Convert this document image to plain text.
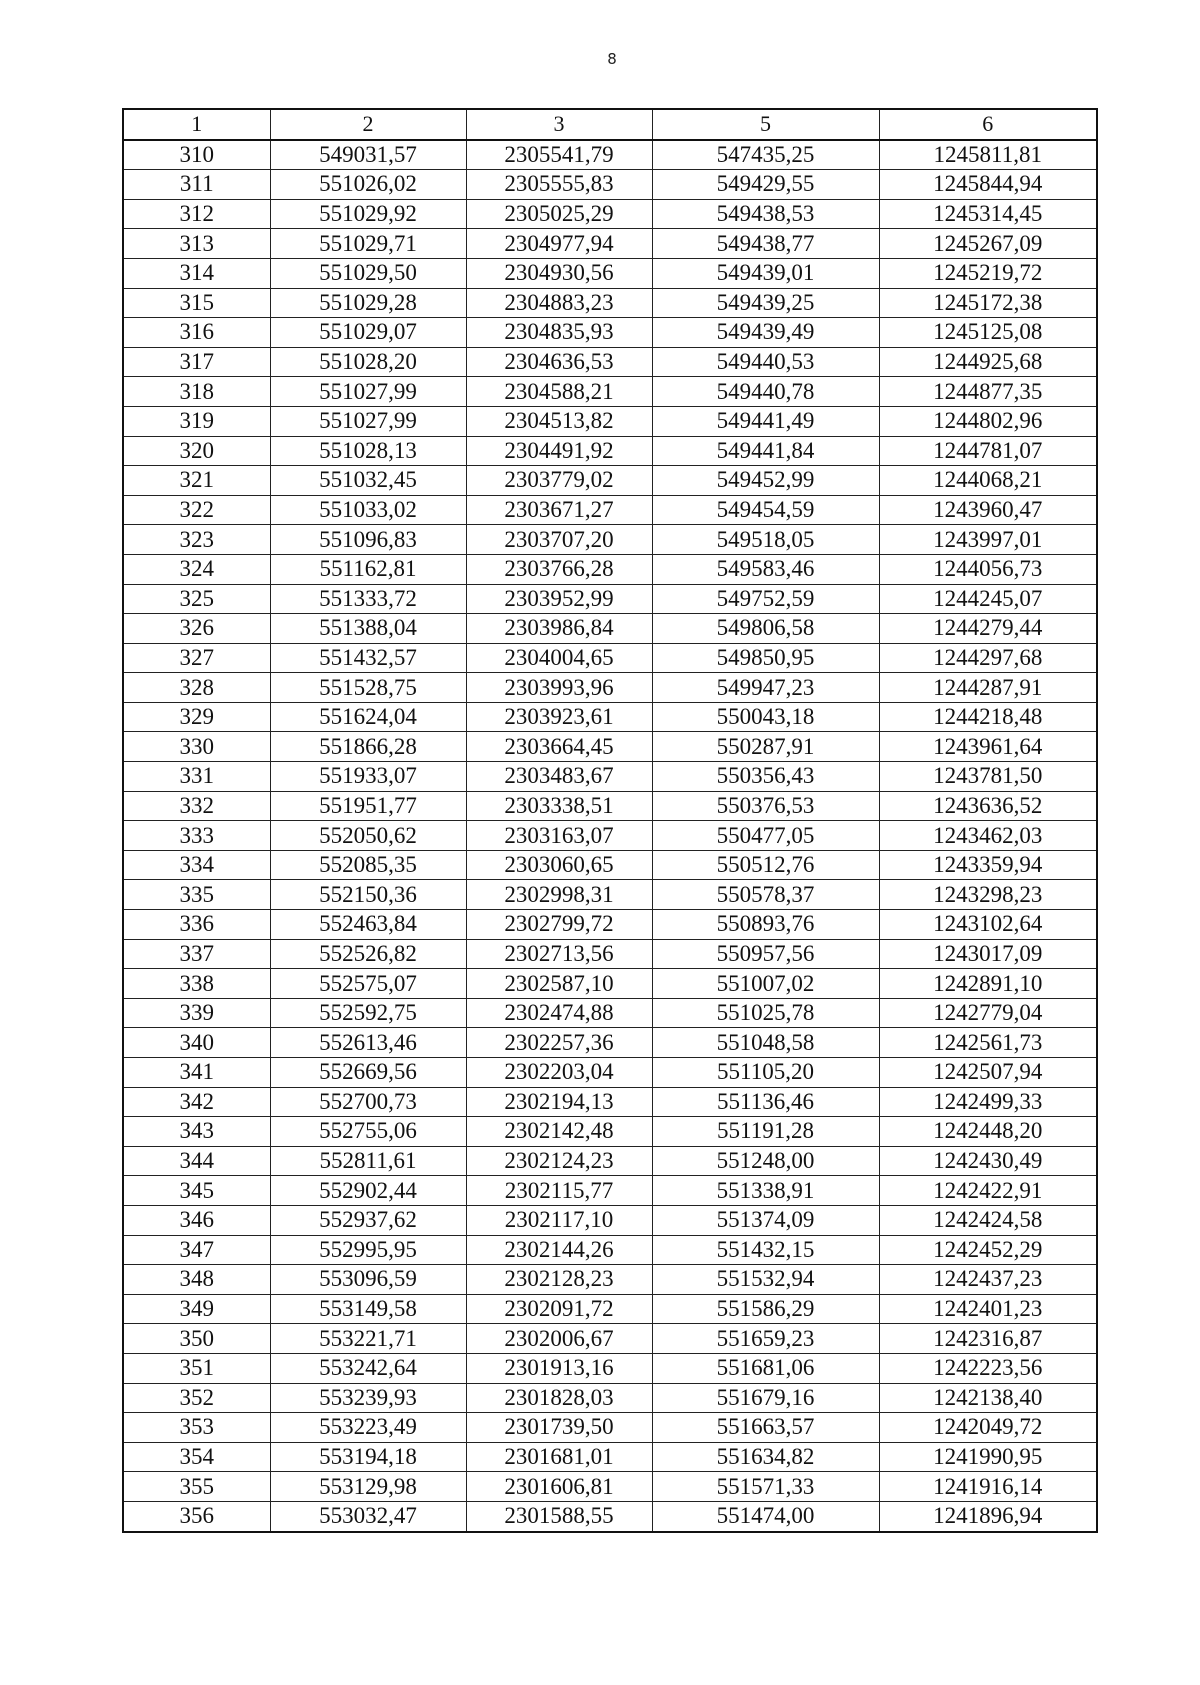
8
1	2	3	5	6
310	549031,57	2305541,79	547435,25	1245811,81
311	551026,02	2305555,83	549429,55	1245844,94
312	551029,92	2305025,29	549438,53	1245314,45
313	551029,71	2304977,94	549438,77	1245267,09
314	551029,50	2304930,56	549439,01	1245219,72
315	551029,28	2304883,23	549439,25	1245172,38
316	551029,07	2304835,93	549439,49	1245125,08
317	551028,20	2304636,53	549440,53	1244925,68
318	551027,99	2304588,21	549440,78	1244877,35
319	551027,99	2304513,82	549441,49	1244802,96
320	551028,13	2304491,92	549441,84	1244781,07
321	551032,45	2303779,02	549452,99	1244068,21
322	551033,02	2303671,27	549454,59	1243960,47
323	551096,83	2303707,20	549518,05	1243997,01
324	551162,81	2303766,28	549583,46	1244056,73
325	551333,72	2303952,99	549752,59	1244245,07
326	551388,04	2303986,84	549806,58	1244279,44
327	551432,57	2304004,65	549850,95	1244297,68
328	551528,75	2303993,96	549947,23	1244287,91
329	551624,04	2303923,61	550043,18	1244218,48
330	551866,28	2303664,45	550287,91	1243961,64
331	551933,07	2303483,67	550356,43	1243781,50
332	551951,77	2303338,51	550376,53	1243636,52
333	552050,62	2303163,07	550477,05	1243462,03
334	552085,35	2303060,65	550512,76	1243359,94
335	552150,36	2302998,31	550578,37	1243298,23
336	552463,84	2302799,72	550893,76	1243102,64
337	552526,82	2302713,56	550957,56	1243017,09
338	552575,07	2302587,10	551007,02	1242891,10
339	552592,75	2302474,88	551025,78	1242779,04
340	552613,46	2302257,36	551048,58	1242561,73
341	552669,56	2302203,04	551105,20	1242507,94
342	552700,73	2302194,13	551136,46	1242499,33
343	552755,06	2302142,48	551191,28	1242448,20
344	552811,61	2302124,23	551248,00	1242430,49
345	552902,44	2302115,77	551338,91	1242422,91
346	552937,62	2302117,10	551374,09	1242424,58
347	552995,95	2302144,26	551432,15	1242452,29
348	553096,59	2302128,23	551532,94	1242437,23
349	553149,58	2302091,72	551586,29	1242401,23
350	553221,71	2302006,67	551659,23	1242316,87
351	553242,64	2301913,16	551681,06	1242223,56
352	553239,93	2301828,03	551679,16	1242138,40
353	553223,49	2301739,50	551663,57	1242049,72
354	553194,18	2301681,01	551634,82	1241990,95
355	553129,98	2301606,81	551571,33	1241916,14
356	553032,47	2301588,55	551474,00	1241896,94
